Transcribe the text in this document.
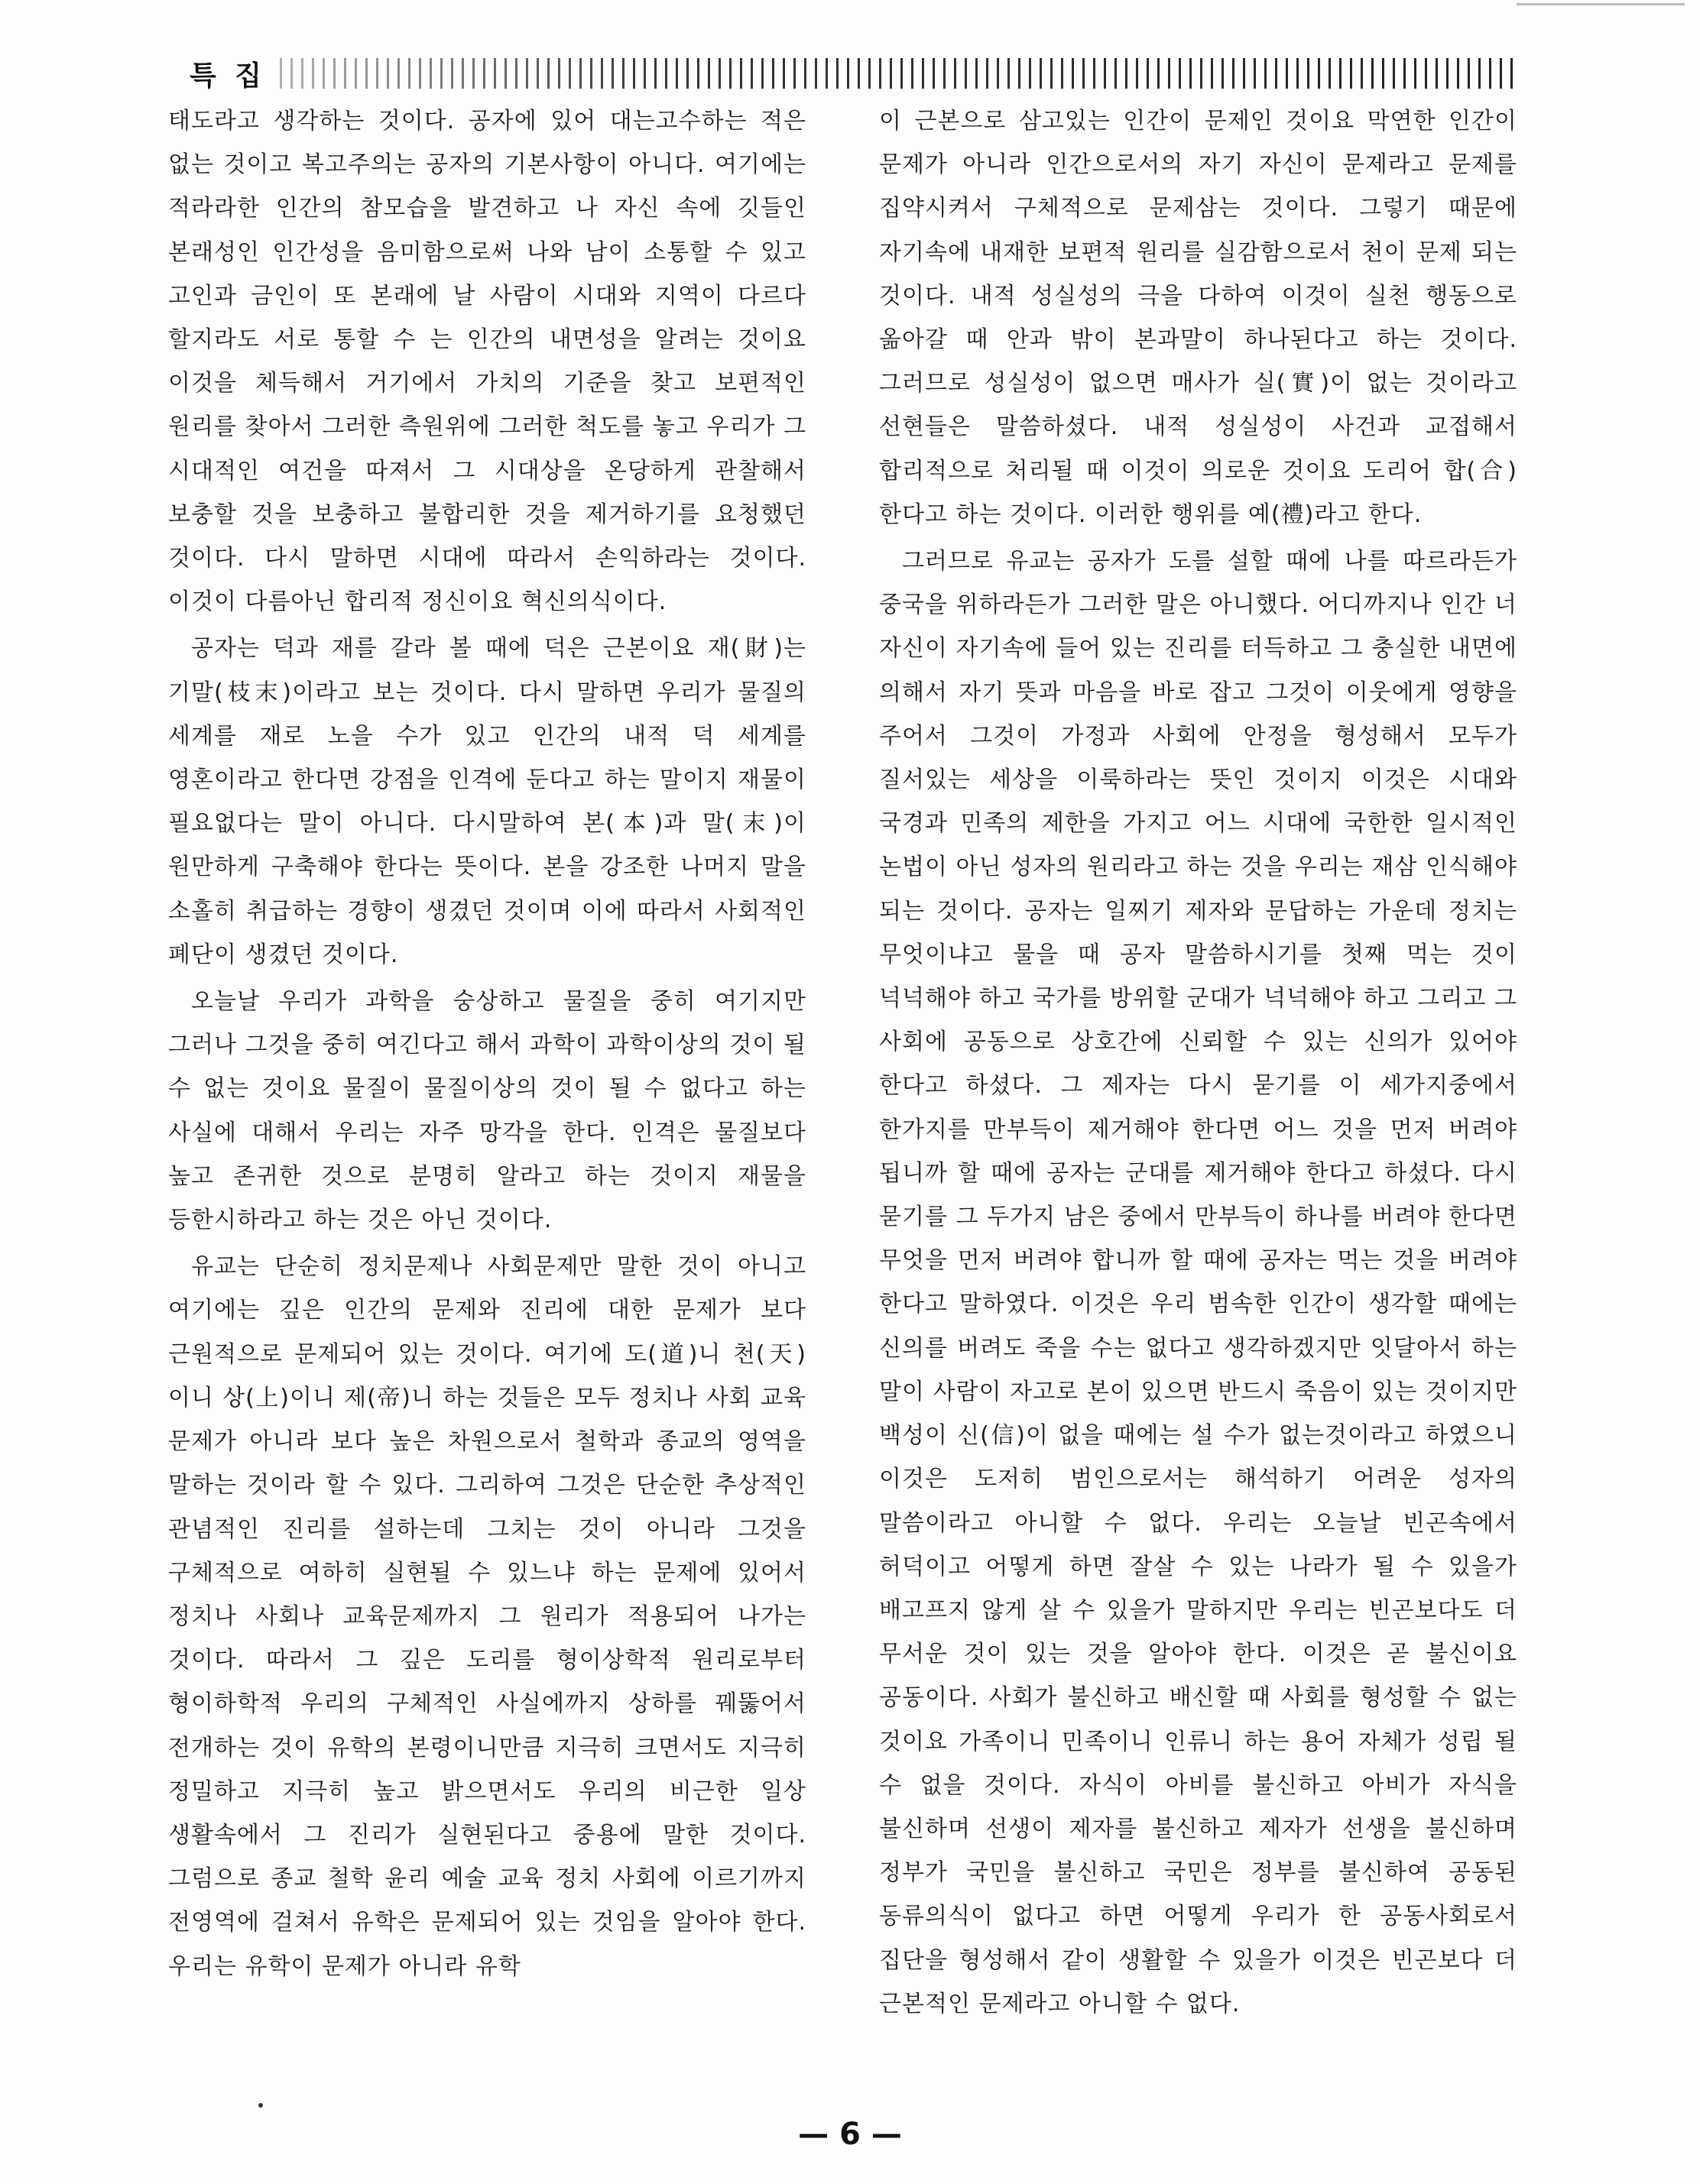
특 집

태도라고 생각하는 것이다. 공자에 있어 대는고수하는 적은 없는 것이고 복고주의는 공자의 기본사항이 아니다. 여기에는 적라라한 인간의 참모습을 발견하고 나 자신 속에 깃들인 본래성인 인간성을 음미함으로써 나와 남이 소통할 수 있고 고인과 금인이 또 본래에 날 사람이 시대와 지역이 다르다 할지라도 서로 통할 수 는 인간의 내면성을 알려는 것이요 이것을 체득해서 거기에서 가치의 기준을 찾고 보편적인 원리를 찾아서 그러한 측원위에 그러한 척도를 놓고 우리가 그 시대적인 여건을 따져서 그 시대상을 온당하게 관찰해서 보충할 것을 보충하고 불합리한 것을 제거하기를 요청했던 것이다. 다시 말하면 시대에 따라서 손익하라는 것이다. 이것이 다름아닌 합리적 정신이요 혁신의식이다.

공자는 덕과 재를 갈라 볼 때에 덕은 근본이요 재(財)는 기말(枝末)이라고 보는 것이다. 다시 말하면 우리가 물질의 세계를 재로 노을 수가 있고 인간의 내적 덕 세계를 영혼이라고 한다면 강점을 인격에 둔다고 하는 말이지 재물이 필요없다는 말이 아니다. 다시말하여 본(本)과 말(末)이 원만하게 구축해야 한다는 뜻이다. 본을 강조한 나머지 말을 소홀히 취급하는 경향이 생겼던 것이며 이에 따라서 사회적인 폐단이 생겼던 것이다.

오늘날 우리가 과학을 숭상하고 물질을 중히 여기지만 그러나 그것을 중히 여긴다고 해서 과학이 과학이상의 것이 될 수 없는 것이요 물질이 물질이상의 것이 될 수 없다고 하는 사실에 대해서 우리는 자주 망각을 한다. 인격은 물질보다 높고 존귀한 것으로 분명히 알라고 하는 것이지 재물을 등한시하라고 하는 것은 아닌 것이다.

유교는 단순히 정치문제나 사회문제만 말한 것이 아니고 여기에는 깊은 인간의 문제와 진리에 대한 문제가 보다 근원적으로 문제되어 있는 것이다. 여기에 도(道)니 천(天)이니 상(上)이니 제(帝)니 하는 것들은 모두 정치나 사회 교육 문제가 아니라 보다 높은 차원으로서 철학과 종교의 영역을 말하는 것이라 할 수 있다. 그리하여 그것은 단순한 추상적인 관념적인 진리를 설하는데 그치는 것이 아니라 그것을 구체적으로 여하히 실현될 수 있느냐 하는 문제에 있어서 정치나 사회나 교육문제까지 그 원리가 적용되어 나가는 것이다. 따라서 그 깊은 도리를 형이상학적 원리로부터 형이하학적 우리의 구체적인 사실에까지 상하를 꿰뚫어서 전개하는 것이 유학의 본령이니만큼 지극히 크면서도 지극히 정밀하고 지극히 높고 밝으면서도 우리의 비근한 일상 생활속에서 그 진리가 실현된다고 중용에 말한 것이다. 그럼으로 종교 철학 윤리 예술 교육 정치 사회에 이르기까지 전영역에 걸쳐서 유학은 문제되어 있는 것임을 알아야 한다. 우리는 유학이 문제가 아니라 유학

이 근본으로 삼고있는 인간이 문제인 것이요 막연한 인간이 문제가 아니라 인간으로서의 자기 자신이 문제라고 문제를 집약시켜서 구체적으로 문제삼는 것이다. 그렇기 때문에 자기속에 내재한 보편적 원리를 실감함으로서 천이 문제 되는 것이다. 내적 성실성의 극을 다하여 이것이 실천 행동으로 옮아갈 때 안과 밖이 본과말이 하나된다고 하는 것이다. 그러므로 성실성이 없으면 매사가 실(實)이 없는 것이라고 선현들은 말씀하셨다. 내적 성실성이 사건과 교접해서 합리적으로 처리될 때 이것이 의로운 것이요 도리어 합(合)한다고 하는 것이다. 이러한 행위를 예(禮)라고 한다.

그러므로 유교는 공자가 도를 설할 때에 나를 따르라든가 중국을 위하라든가 그러한 말은 아니했다. 어디까지나 인간 너 자신이 자기속에 들어 있는 진리를 터득하고 그 충실한 내면에 의해서 자기 뜻과 마음을 바로 잡고 그것이 이웃에게 영향을 주어서 그것이 가정과 사회에 안정을 형성해서 모두가 질서있는 세상을 이룩하라는 뜻인 것이지 이것은 시대와 국경과 민족의 제한을 가지고 어느 시대에 국한한 일시적인 논법이 아닌 성자의 원리라고 하는 것을 우리는 재삼 인식해야 되는 것이다. 공자는 일찌기 제자와 문답하는 가운데 정치는 무엇이냐고 물을 때 공자 말씀하시기를 첫째 먹는 것이 넉넉해야 하고 국가를 방위할 군대가 넉넉해야 하고 그리고 그 사회에 공동으로 상호간에 신뢰할 수 있는 신의가 있어야 한다고 하셨다. 그 제자는 다시 묻기를 이 세가지중에서 한가지를 만부득이 제거해야 한다면 어느 것을 먼저 버려야 됩니까 할 때에 공자는 군대를 제거해야 한다고 하셨다. 다시 묻기를 그 두가지 남은 중에서 만부득이 하나를 버려야 한다면 무엇을 먼저 버려야 합니까 할 때에 공자는 먹는 것을 버려야 한다고 말하였다. 이것은 우리 범속한 인간이 생각할 때에는 신의를 버려도 죽을 수는 없다고 생각하겠지만 잇달아서 하는 말이 사람이 자고로 본이 있으면 반드시 죽음이 있는 것이지만 백성이 신(信)이 없을 때에는 설 수가 없는것이라고 하였으니 이것은 도저히 범인으로서는 해석하기 어려운 성자의 말씀이라고 아니할 수 없다. 우리는 오늘날 빈곤속에서 허덕이고 어떻게 하면 잘살 수 있는 나라가 될 수 있을가 배고프지 않게 살 수 있을가 말하지만 우리는 빈곤보다도 더 무서운 것이 있는 것을 알아야 한다. 이것은 곧 불신이요 공동이다. 사회가 불신하고 배신할 때 사회를 형성할 수 없는 것이요 가족이니 민족이니 인류니 하는 용어 자체가 성립 될 수 없을 것이다. 자식이 아비를 불신하고 아비가 자식을 불신하며 선생이 제자를 불신하고 제자가 선생을 불신하며 정부가 국민을 불신하고 국민은 정부를 불신하여 공동된 동류의식이 없다고 하면 어떻게 우리가 한 공동사회로서 집단을 형성해서 같이 생활할 수 있을가 이것은 빈곤보다 더 근본적인 문제라고 아니할 수 없다.

— 6 —
